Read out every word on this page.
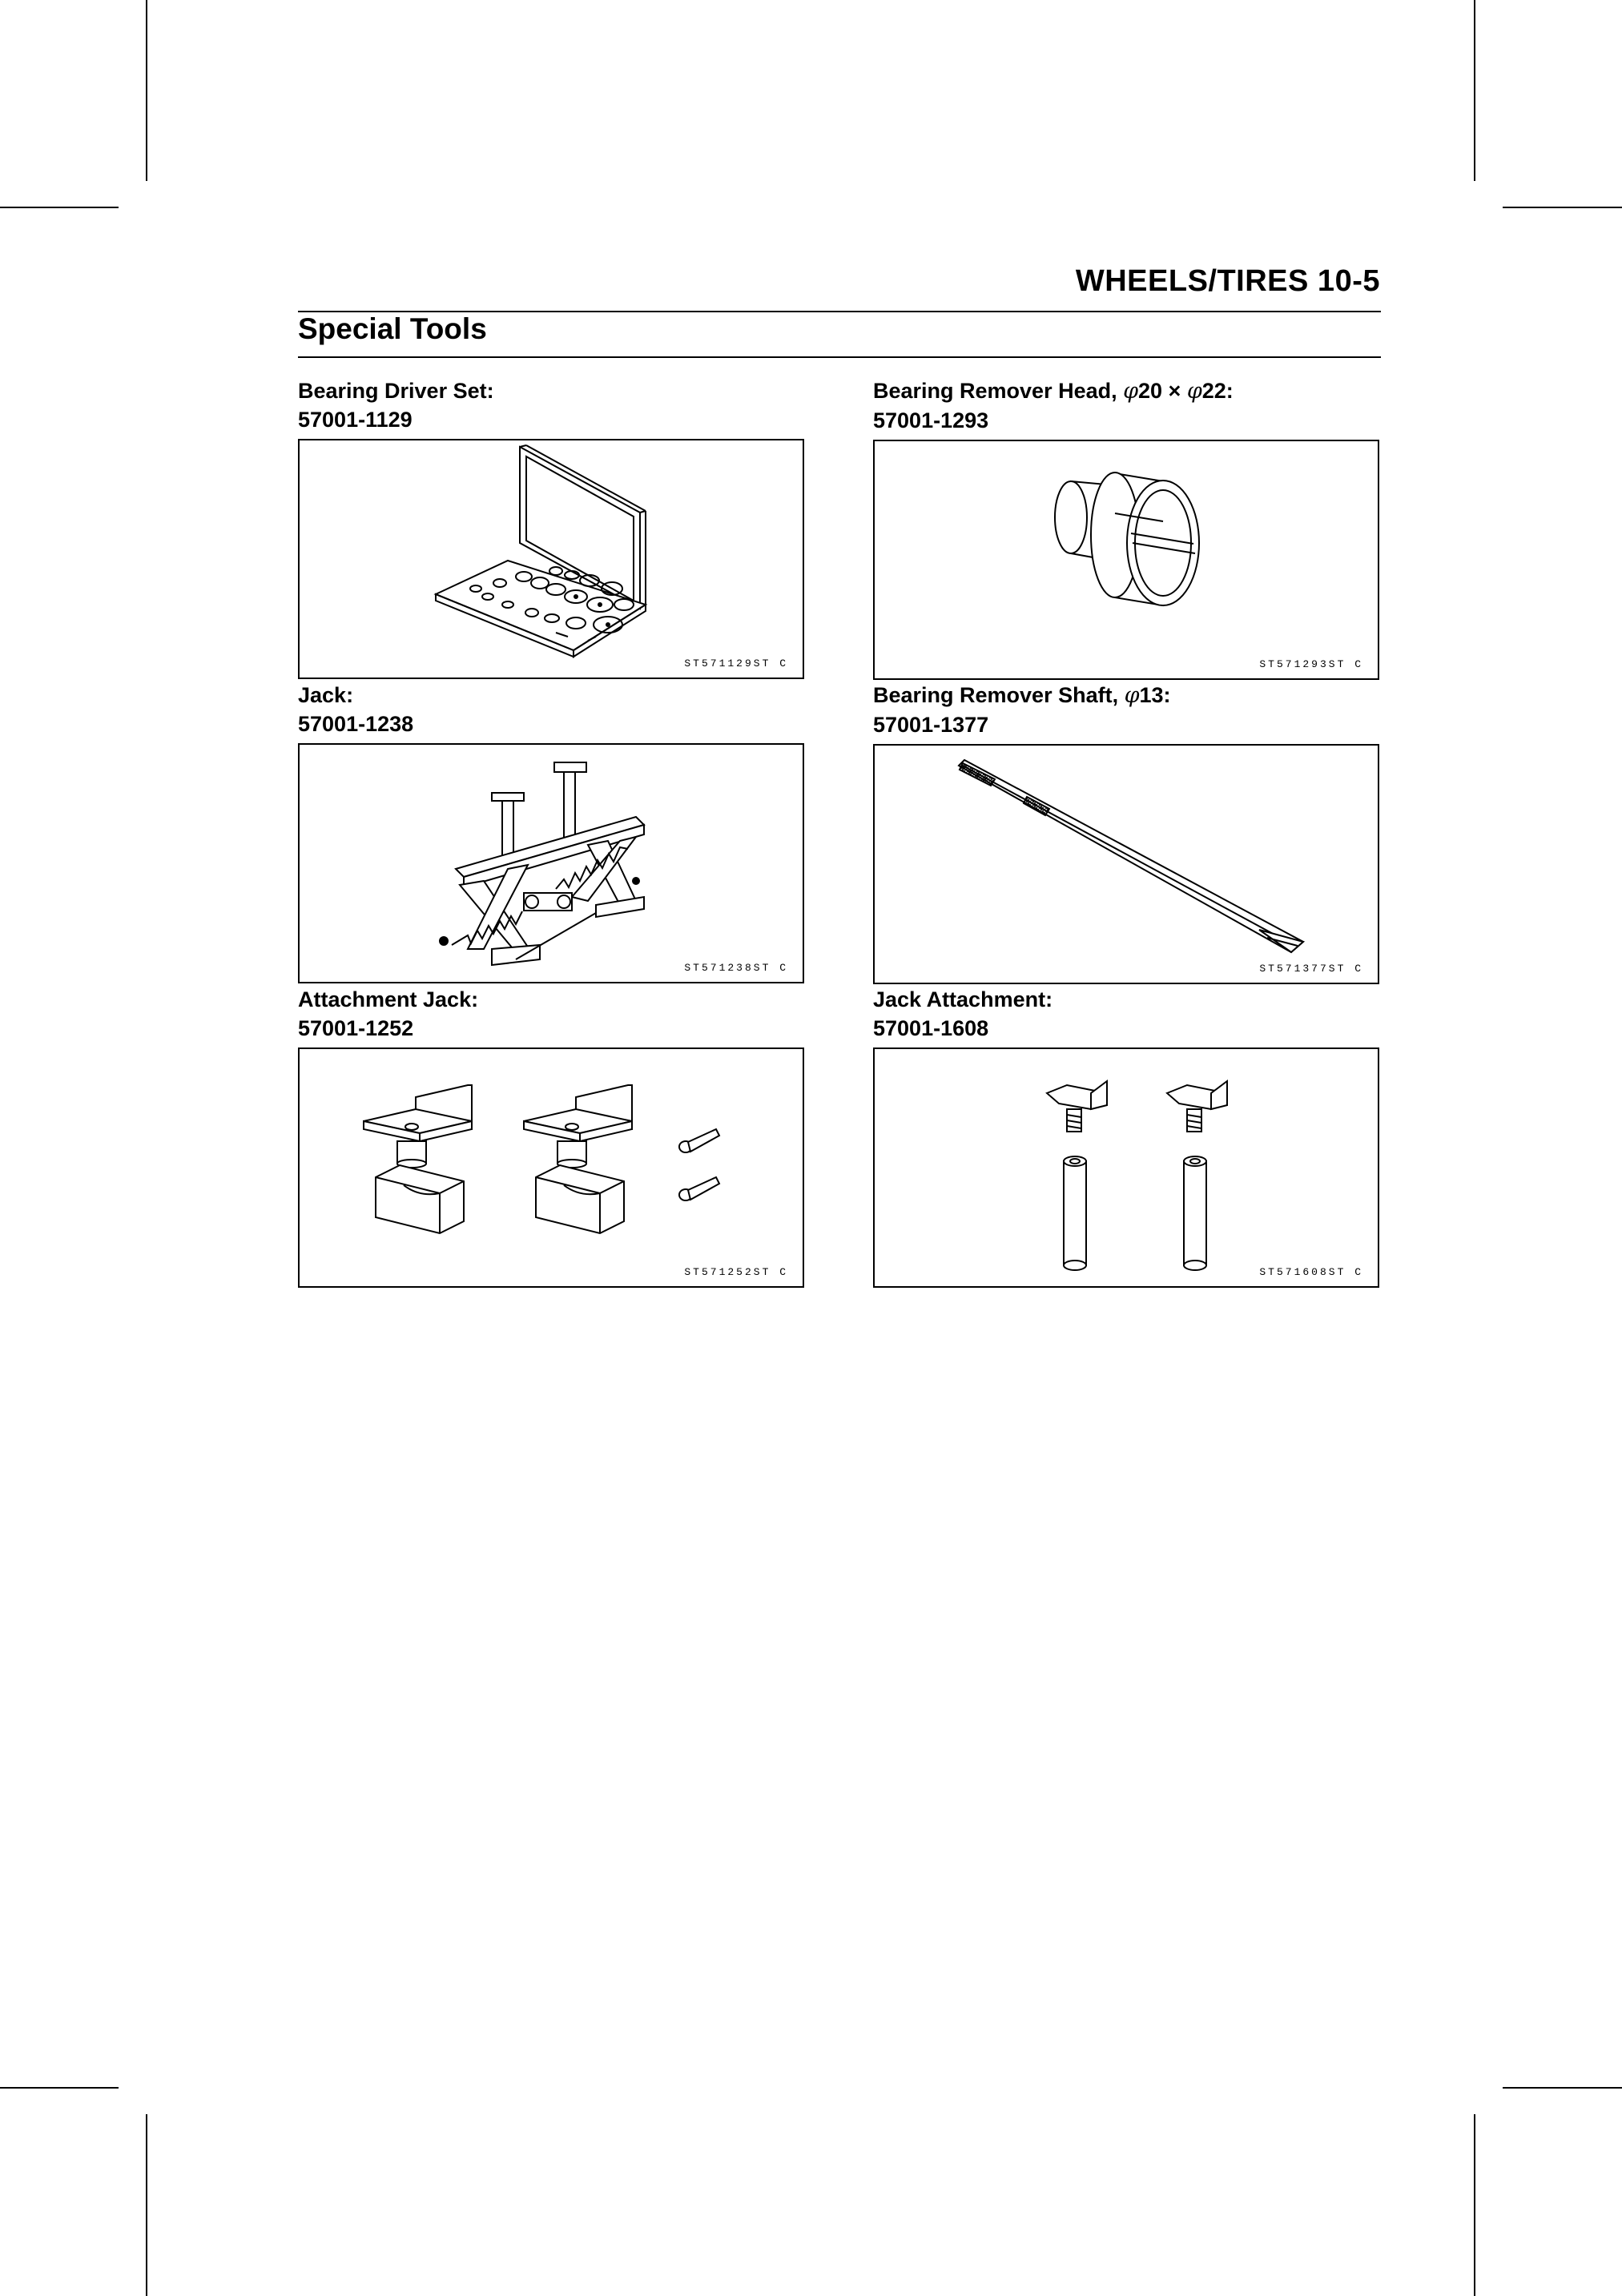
WHEELS/TIRES 10-5
Special Tools
Bearing Driver Set:
57001-1129
ST571129ST C
Bearing Remover Head, φ20 × φ22:
57001-1293
ST571293ST C
Jack:
57001-1238
ST571238ST C
Bearing Remover Shaft, φ13:
57001-1377
ST571377ST C
Attachment Jack:
57001-1252
ST571252ST C
Jack Attachment:
57001-1608
ST571608ST C
